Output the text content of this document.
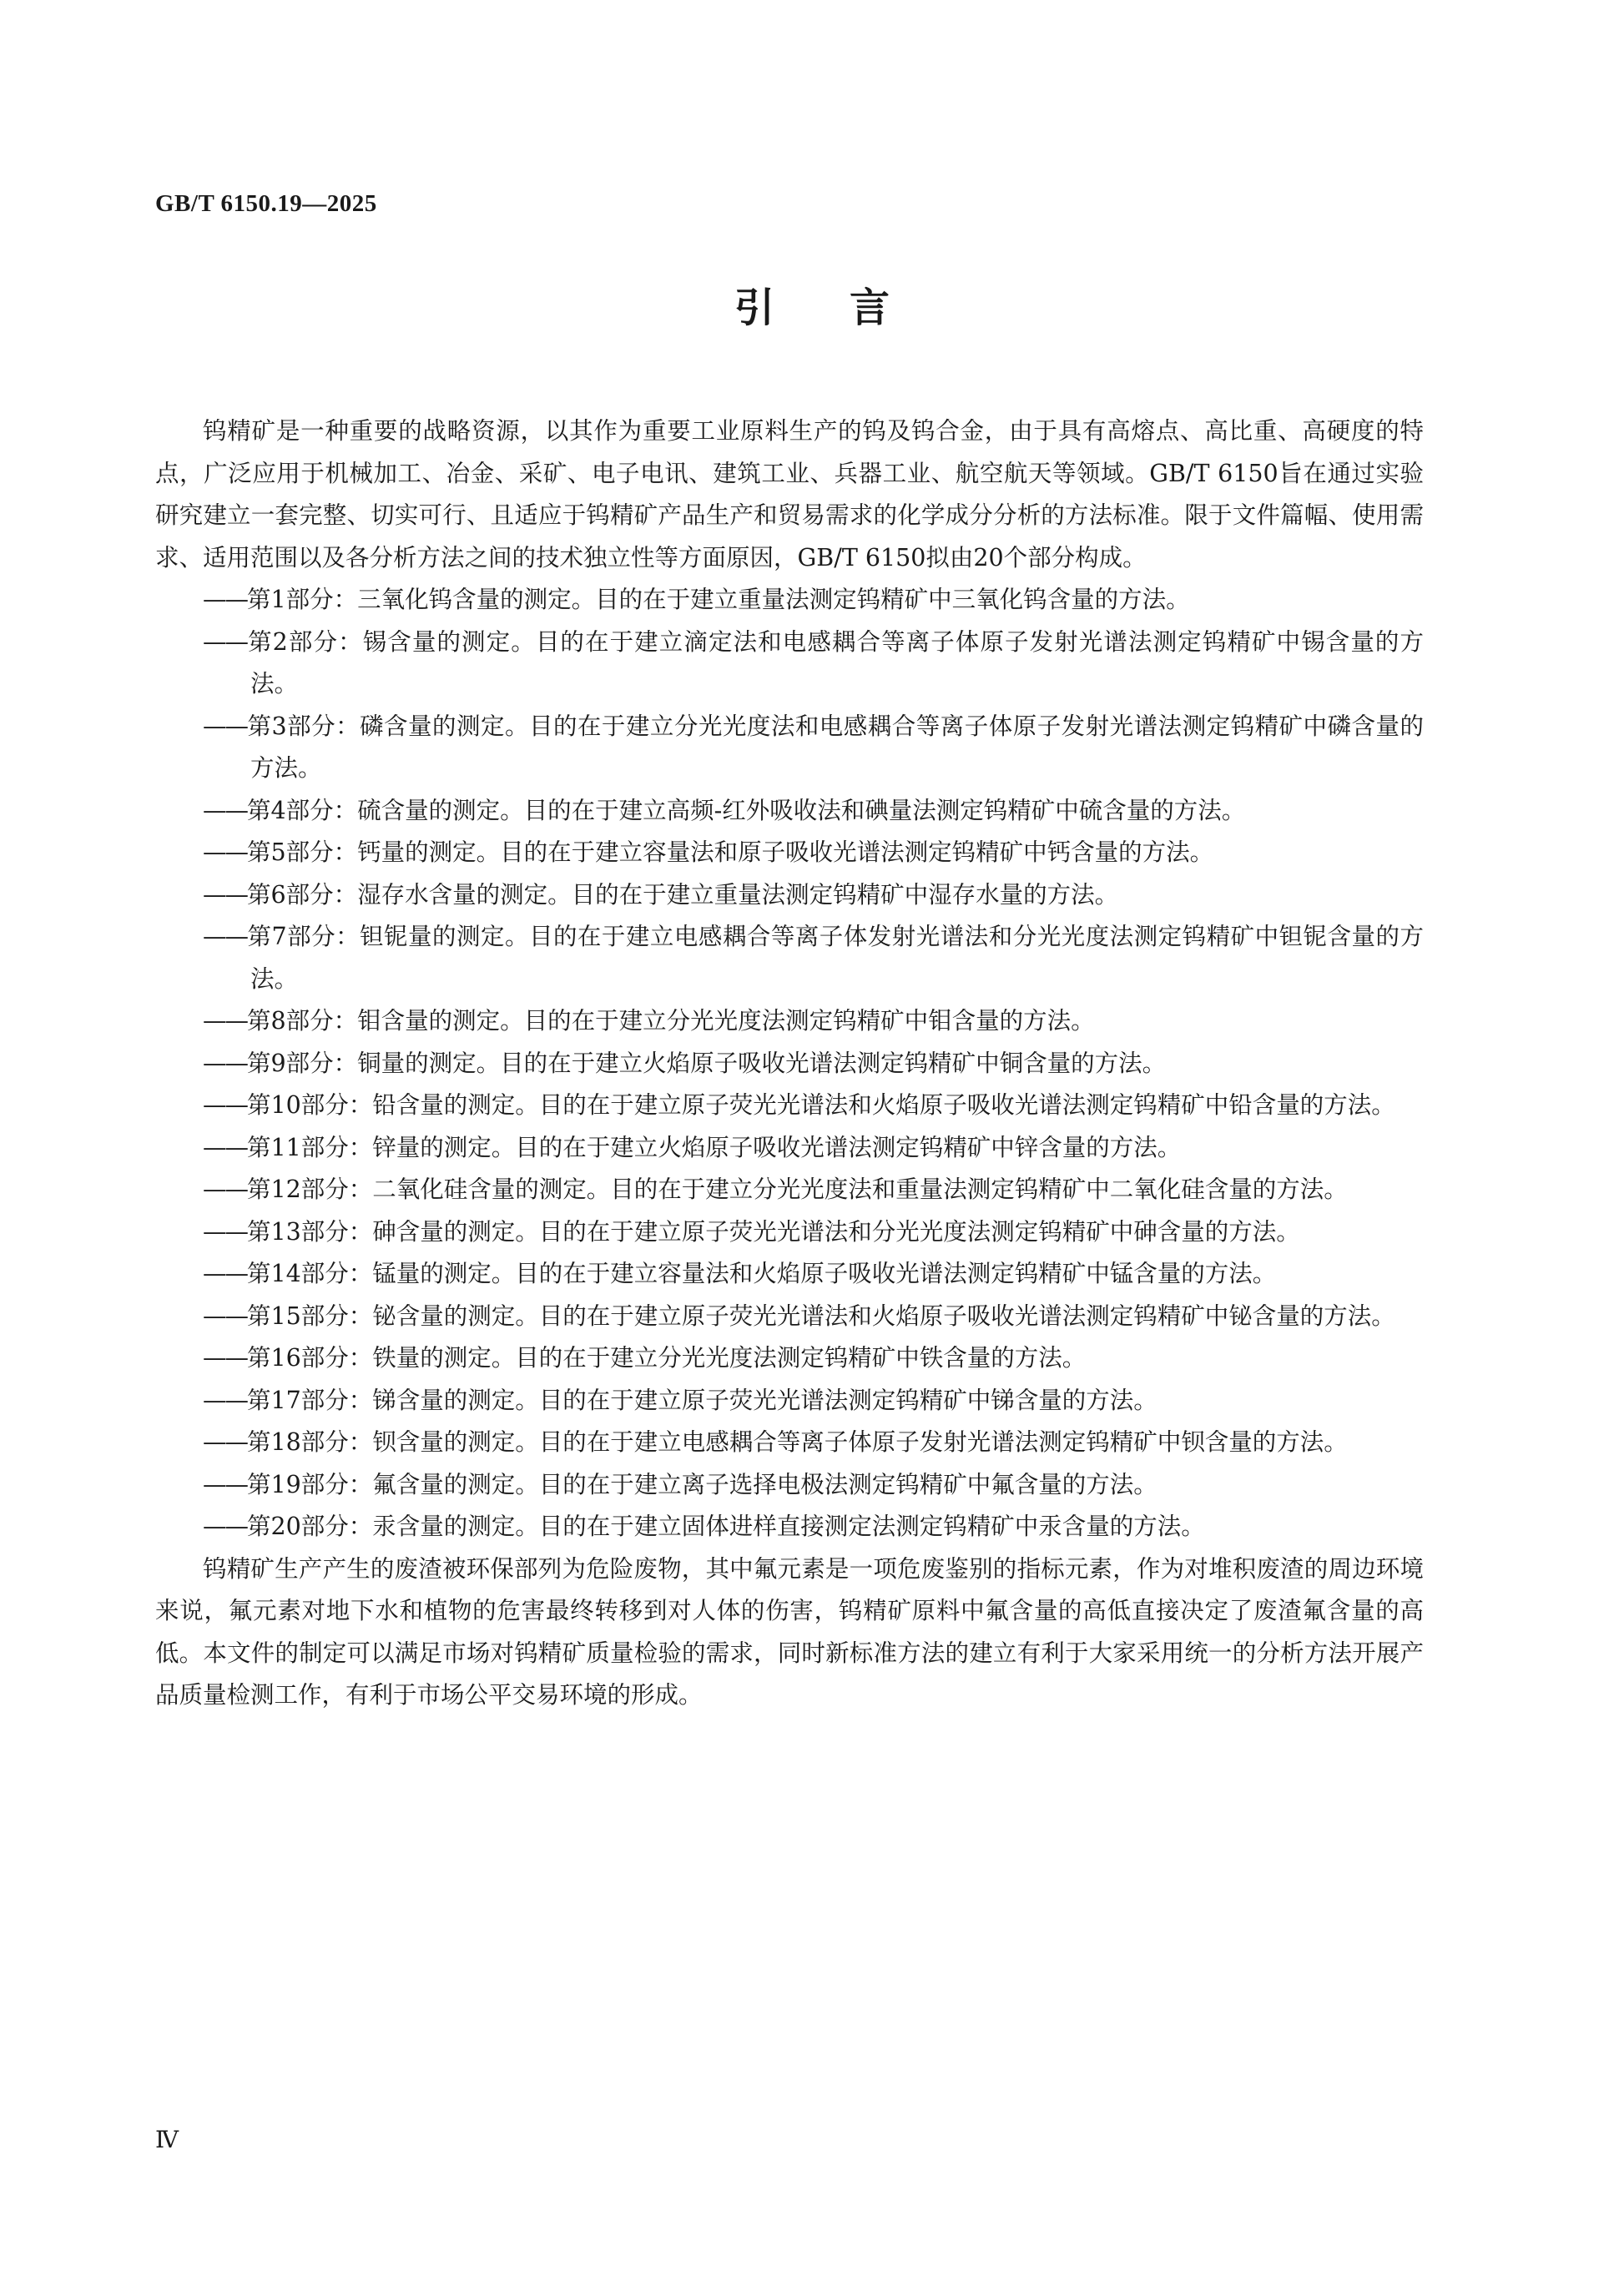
GB/T 6150.19—2025
引言

钨精矿是一种重要的战略资源，以其作为重要工业原料生产的钨及钨合金，由于具有高熔点、高比重、高硬度的特点，广泛应用于机械加工、冶金、采矿、电子电讯、建筑工业、兵器工业、航空航天等领域。GB/T 6150旨在通过实验研究建立一套完整、切实可行、且适应于钨精矿产品生产和贸易需求的化学成分分析的方法标准。限于文件篇幅、使用需求、适用范围以及各分析方法之间的技术独立性等方面原因，GB/T 6150拟由20个部分构成。

——第1部分：三氧化钨含量的测定。目的在于建立重量法测定钨精矿中三氧化钨含量的方法。

——第2部分：锡含量的测定。目的在于建立滴定法和电感耦合等离子体原子发射光谱法测定钨精矿中锡含量的方法。

——第3部分：磷含量的测定。目的在于建立分光光度法和电感耦合等离子体原子发射光谱法测定钨精矿中磷含量的方法。

——第4部分：硫含量的测定。目的在于建立高频-红外吸收法和碘量法测定钨精矿中硫含量的方法。

——第5部分：钙量的测定。目的在于建立容量法和原子吸收光谱法测定钨精矿中钙含量的方法。

——第6部分：湿存水含量的测定。目的在于建立重量法测定钨精矿中湿存水量的方法。

——第7部分：钽铌量的测定。目的在于建立电感耦合等离子体发射光谱法和分光光度法测定钨精矿中钽铌含量的方法。

——第8部分：钼含量的测定。目的在于建立分光光度法测定钨精矿中钼含量的方法。

——第9部分：铜量的测定。目的在于建立火焰原子吸收光谱法测定钨精矿中铜含量的方法。

——第10部分：铅含量的测定。目的在于建立原子荧光光谱法和火焰原子吸收光谱法测定钨精矿中铅含量的方法。

——第11部分：锌量的测定。目的在于建立火焰原子吸收光谱法测定钨精矿中锌含量的方法。

——第12部分：二氧化硅含量的测定。目的在于建立分光光度法和重量法测定钨精矿中二氧化硅含量的方法。

——第13部分：砷含量的测定。目的在于建立原子荧光光谱法和分光光度法测定钨精矿中砷含量的方法。

——第14部分：锰量的测定。目的在于建立容量法和火焰原子吸收光谱法测定钨精矿中锰含量的方法。

——第15部分：铋含量的测定。目的在于建立原子荧光光谱法和火焰原子吸收光谱法测定钨精矿中铋含量的方法。

——第16部分：铁量的测定。目的在于建立分光光度法测定钨精矿中铁含量的方法。

——第17部分：锑含量的测定。目的在于建立原子荧光光谱法测定钨精矿中锑含量的方法。

——第18部分：钡含量的测定。目的在于建立电感耦合等离子体原子发射光谱法测定钨精矿中钡含量的方法。

——第19部分：氟含量的测定。目的在于建立离子选择电极法测定钨精矿中氟含量的方法。

——第20部分：汞含量的测定。目的在于建立固体进样直接测定法测定钨精矿中汞含量的方法。

钨精矿生产产生的废渣被环保部列为危险废物，其中氟元素是一项危废鉴别的指标元素，作为对堆积废渣的周边环境来说，氟元素对地下水和植物的危害最终转移到对人体的伤害，钨精矿原料中氟含量的高低直接决定了废渣氟含量的高低。本文件的制定可以满足市场对钨精矿质量检验的需求，同时新标准方法的建立有利于大家采用统一的分析方法开展产品质量检测工作，有利于市场公平交易环境的形成。

Ⅳ
